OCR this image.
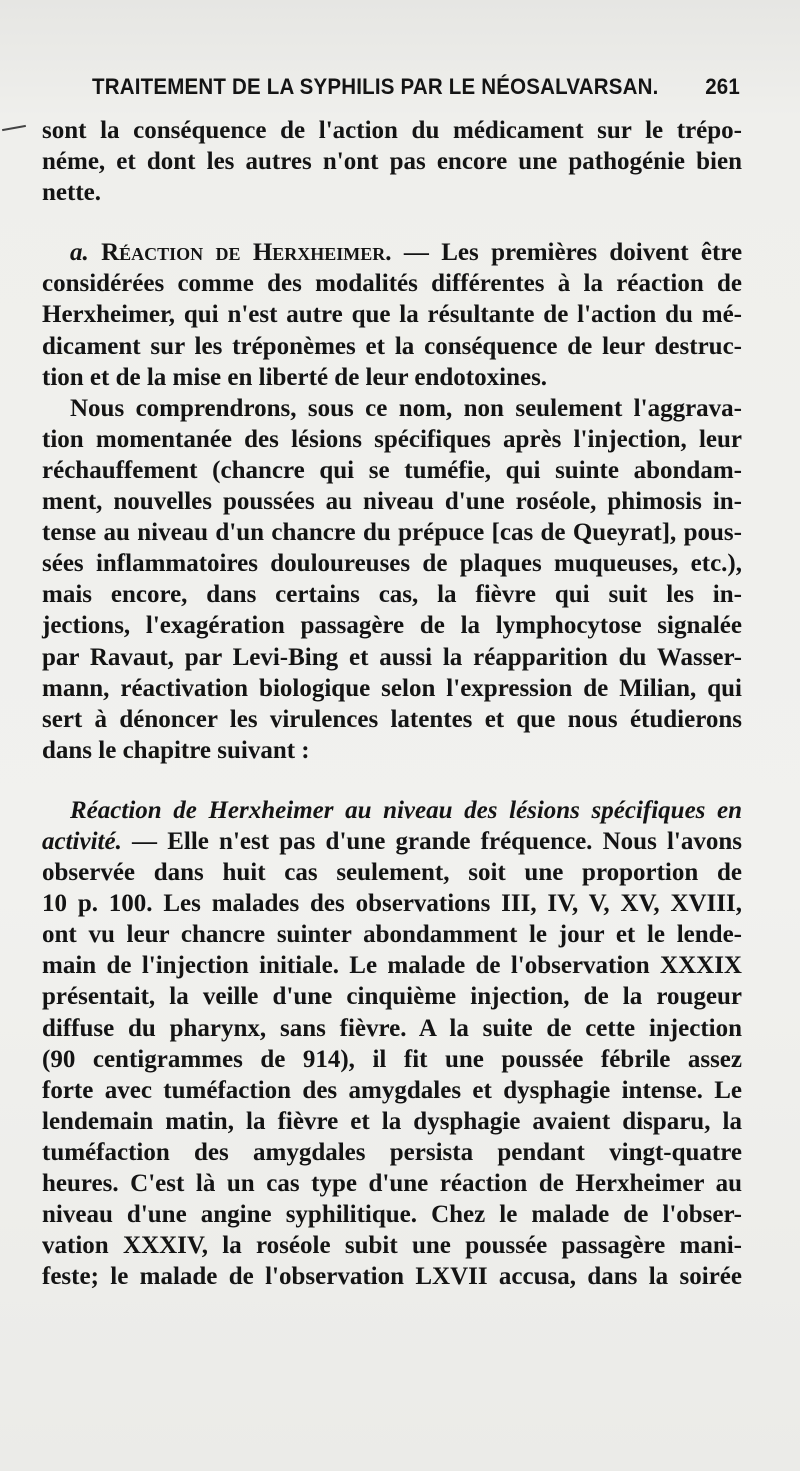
TRAITEMENT DE LA SYPHILIS PAR LE NÉOSALVARSAN. 261
sont la conséquence de l'action du médicament sur le trépo-
néme, et dont les autres n'ont pas encore une pathogénie bien
nette.
a. Réaction de Herxheimer. — Les premières doivent être
considérées comme des modalités différentes à la réaction de
Herxheimer, qui n'est autre que la résultante de l'action du mé-
dicament sur les tréponèmes et la conséquence de leur destruc-
tion et de la mise en liberté de leur endotoxines.
Nous comprendrons, sous ce nom, non seulement l'aggrava-
tion momentanée des lésions spécifiques après l'injection, leur
réchauffement (chancre qui se tuméfie, qui suinte abondam-
ment, nouvelles poussées au niveau d'une roséole, phimosis in-
tense au niveau d'un chancre du prépuce [cas de Queyrat], pous-
sées inflammatoires douloureuses de plaques muqueuses, etc.),
mais encore, dans certains cas, la fièvre qui suit les in-
jections, l'exagération passagère de la lymphocytose signalée
par Ravaut, par Levi-Bing et aussi la réapparition du Wasser-
mann, réactivation biologique selon l'expression de Milian, qui
sert à dénoncer les virulences latentes et que nous étudierons
dans le chapitre suivant :
Réaction de Herxheimer au niveau des lésions spécifiques en
activité. — Elle n'est pas d'une grande fréquence. Nous l'avons
observée dans huit cas seulement, soit une proportion de
10 p. 100. Les malades des observations III, IV, V, XV, XVIII,
ont vu leur chancre suinter abondamment le jour et le lende-
main de l'injection initiale. Le malade de l'observation XXXIX
présentait, la veille d'une cinquième injection, de la rougeur
diffuse du pharynx, sans fièvre. A la suite de cette injection
(90 centigrammes de 914), il fit une poussée fébrile assez
forte avec tuméfaction des amygdales et dysphagie intense. Le
lendemain matin, la fièvre et la dysphagie avaient disparu, la
tuméfaction des amygdales persista pendant vingt-quatre
heures. C'est là un cas type d'une réaction de Herxheimer au
niveau d'une angine syphilitique. Chez le malade de l'obser-
vation XXXIV, la roséole subit une poussée passagère mani-
feste; le malade de l'observation LXVII accusa, dans la soirée
